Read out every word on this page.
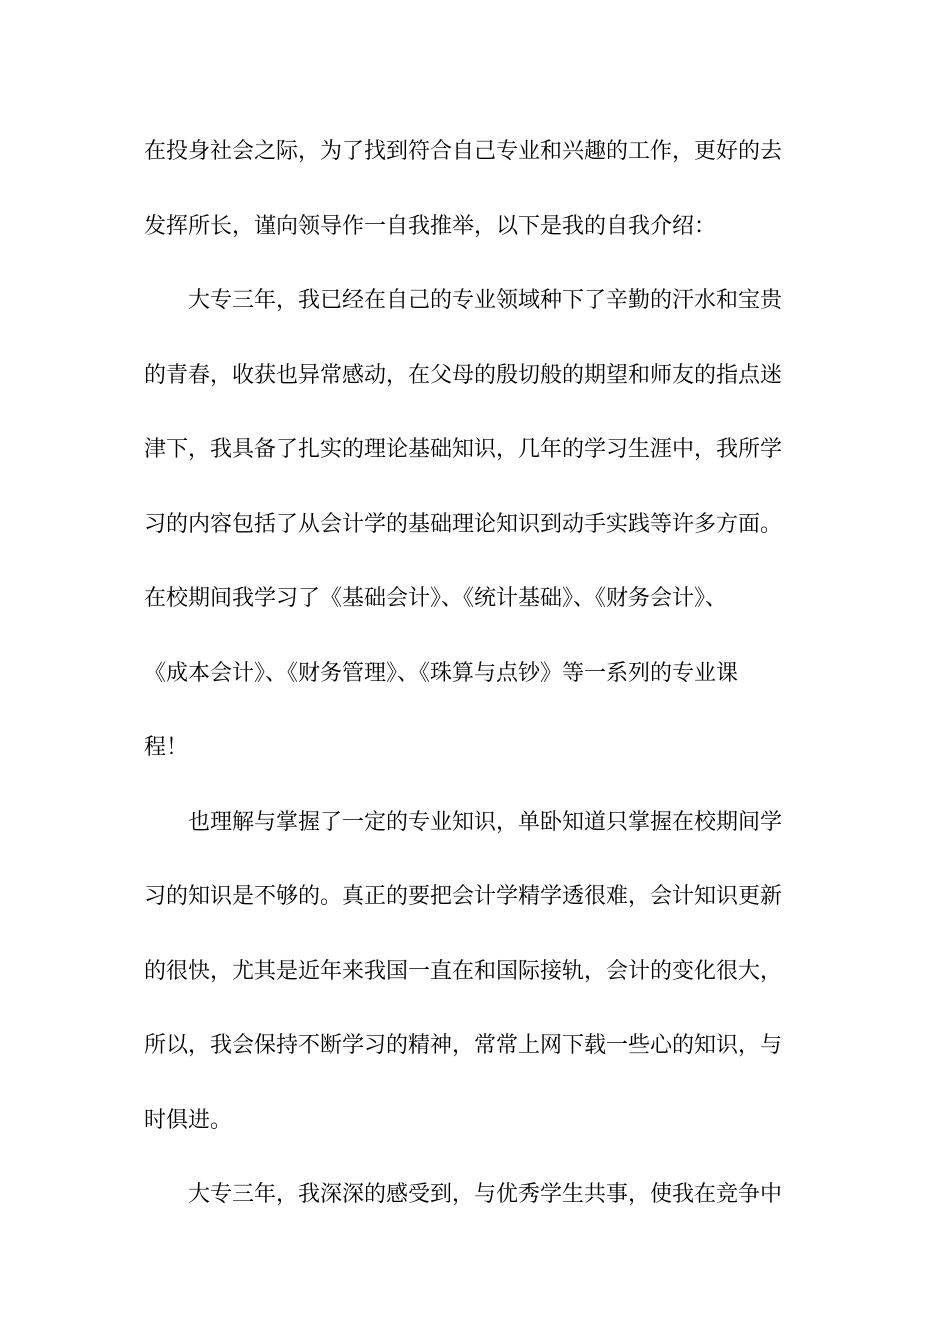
在投身社会之际，为了找到符合自己专业和兴趣的工作，更好的去
发挥所长，谨向领导作一自我推举，以下是我的自我介绍：
大专三年，我已经在自己的专业领域种下了辛勤的汗水和宝贵
的青春，收获也异常感动，在父母的殷切般的期望和师友的指点迷
津下，我具备了扎实的理论基础知识，几年的学习生涯中，我所学
习的内容包括了从会计学的基础理论知识到动手实践等许多方面。
在校期间我学习了《基础会计》、《统计基础》、《财务会计》、
《成本会计》、《财务管理》、《珠算与点钞》等一系列的专业课
程！
也理解与掌握了一定的专业知识，单卧知道只掌握在校期间学
习的知识是不够的。真正的要把会计学精学透很难，会计知识更新
的很快，尤其是近年来我国一直在和国际接轨，会计的变化很大，
所以，我会保持不断学习的精神，常常上网下载一些心的知识，与
时俱进。
大专三年，我深深的感受到，与优秀学生共事，使我在竞争中
